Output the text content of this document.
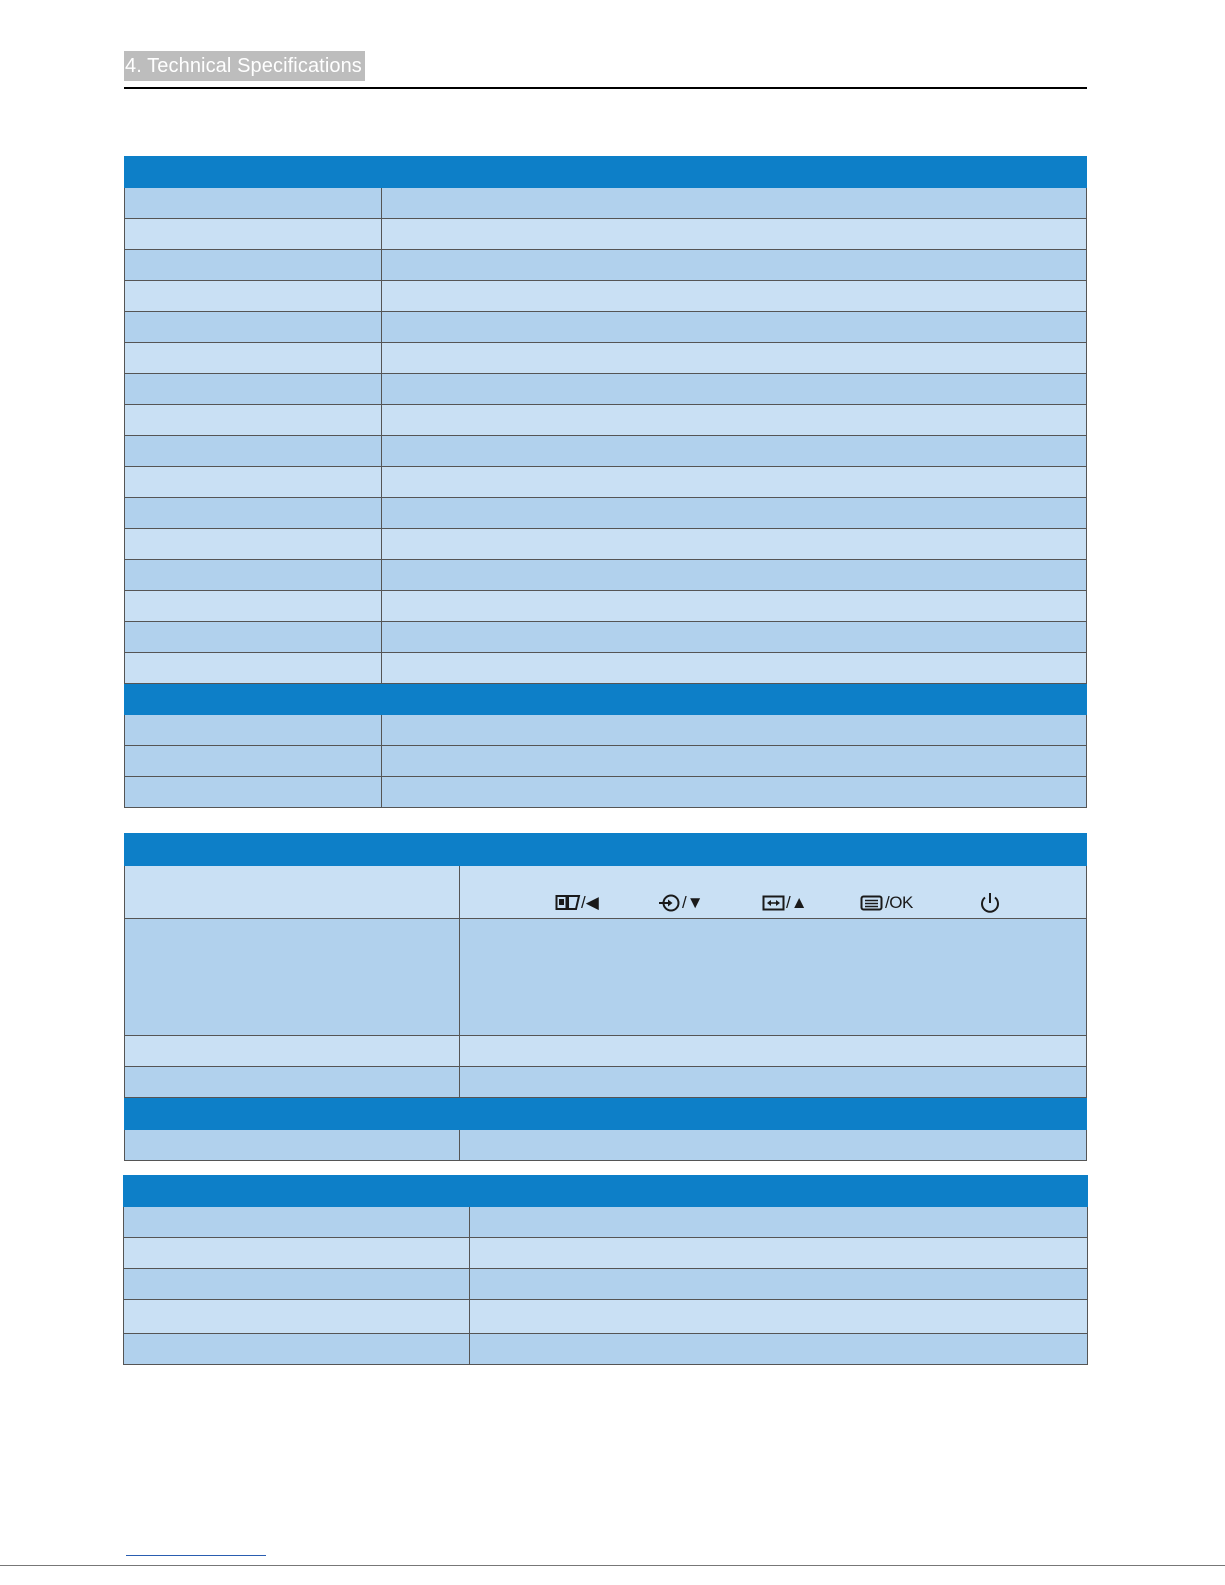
4. Technical Specifications

	/◀ /▼ /▲ /OK
